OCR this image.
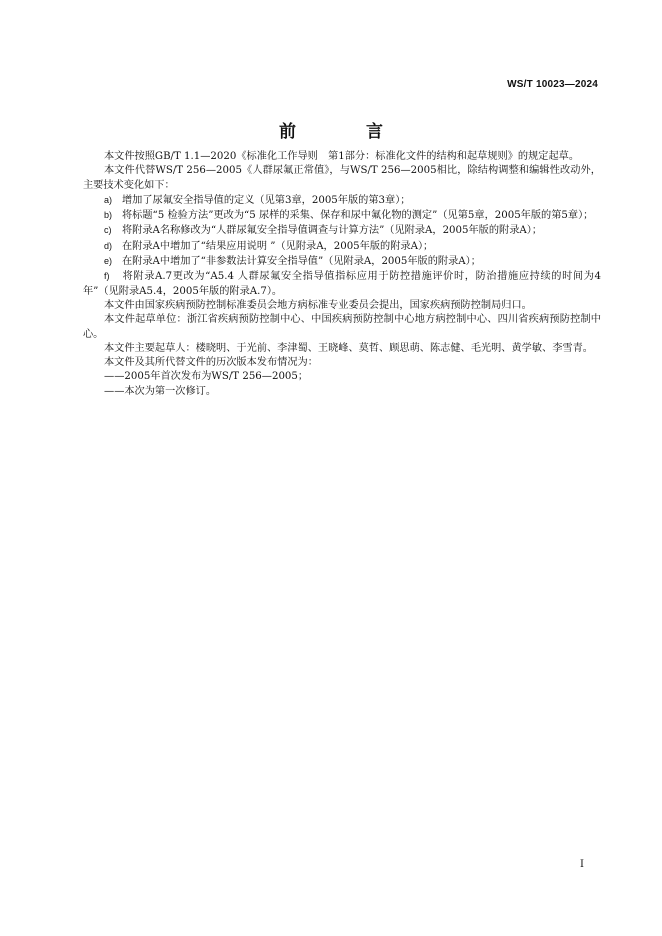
WS/T 10023—2024
前 言

本文件按照GB/T 1.1—2020《标准化工作导则　第1部分：标准化文件的结构和起草规则》的规定起草。

本文件代替WS/T 256—2005《人群尿氟正常值》，与WS/T 256—2005相比，除结构调整和编辑性改动外，主要技术变化如下：

a) 增加了尿氟安全指导值的定义（见第3章，2005年版的第3章）；

b) 将标题“5 检验方法”更改为“5 尿样的采集、保存和尿中氟化物的测定”（见第5章，2005年版的第5章）；

c) 将附录A名称修改为“人群尿氟安全指导值调查与计算方法”（见附录A，2005年版的附录A）；

d) 在附录A中增加了“结果应用说明 ”（见附录A，2005年版的附录A）；

e) 在附录A中增加了“非参数法计算安全指导值”（见附录A，2005年版的附录A）；

f) 将附录A.7更改为“A5.4 人群尿氟安全指导值指标应用于防控措施评价时，防治措施应持续的时间为4年”（见附录A5.4，2005年版的附录A.7）。

本文件由国家疾病预防控制标准委员会地方病标准专业委员会提出，国家疾病预防控制局归口。

本文件起草单位：浙江省疾病预防控制中心、中国疾病预防控制中心地方病控制中心、四川省疾病预防控制中心。

本文件主要起草人：楼晓明、于光前、李津蜀、王晓峰、莫哲、顾思萌、陈志健、毛光明、黄学敏、李雪青。

本文件及其所代替文件的历次版本发布情况为：

——2005年首次发布为WS/T 256—2005；

——本次为第一次修订。

I
